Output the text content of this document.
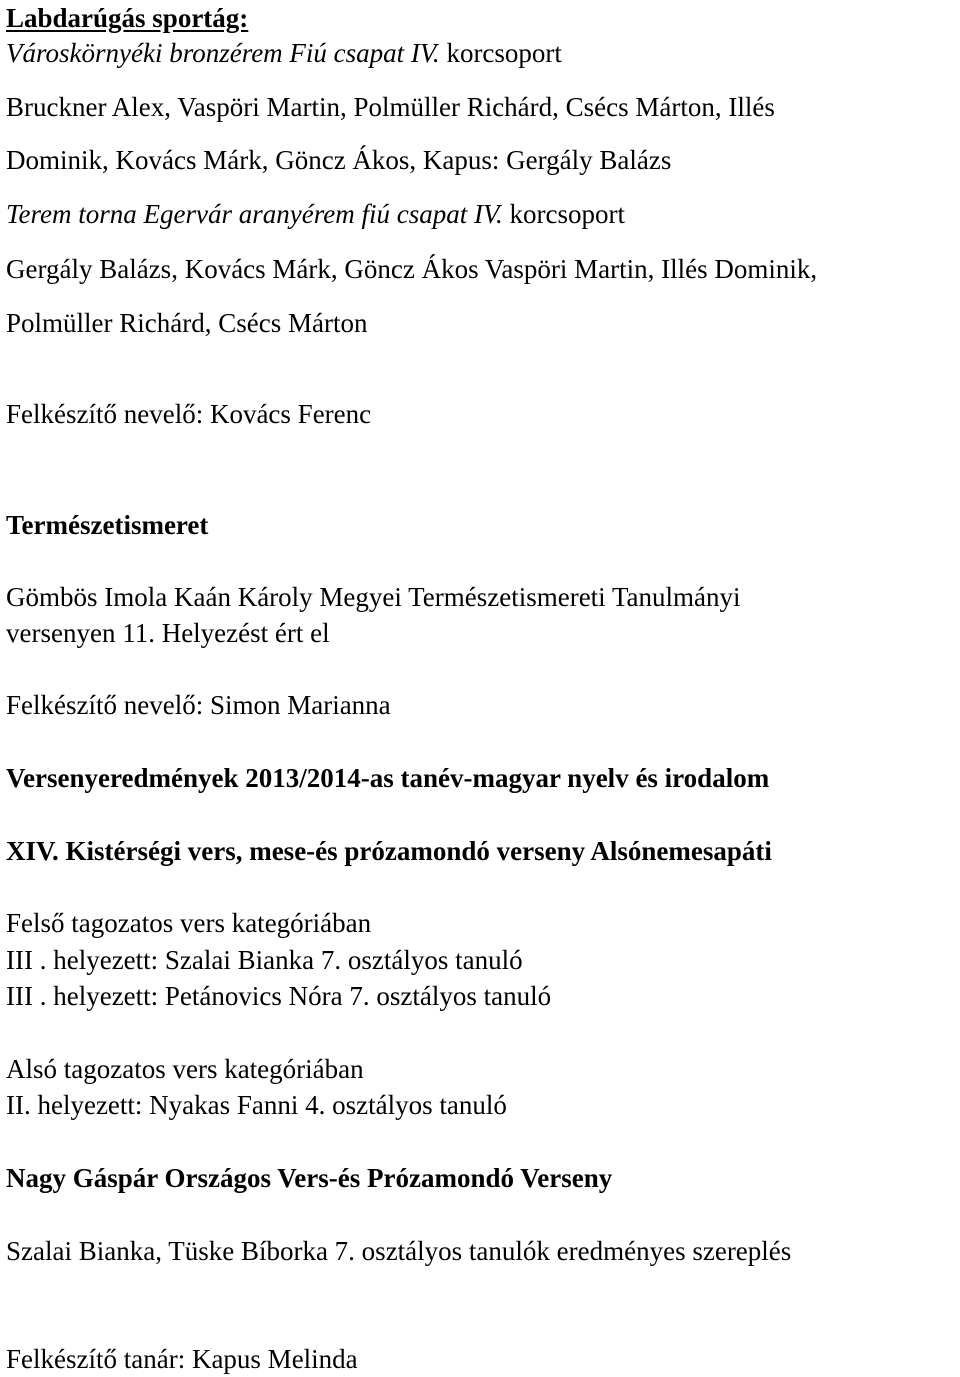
Labdarúgás sportág:

Városkörnyéki bronzérem Fiú csapat IV. korcsoport

Bruckner Alex, Vaspöri Martin, Polmüller Richárd, Csécs Márton, Illés

Dominik, Kovács Márk, Göncz Ákos, Kapus: Gergály Balázs

Terem torna Egervár aranyérem fiú csapat IV. korcsoport

Gergály Balázs, Kovács Márk, Göncz Ákos Vaspöri Martin, Illés Dominik,

Polmüller Richárd, Csécs Márton

Felkészítő nevelő: Kovács Ferenc

Természetismeret

Gömbös Imola Kaán Károly Megyei Természetismereti Tanulmányi

versenyen 11. Helyezést ért el

Felkészítő nevelő: Simon Marianna

Versenyeredmények 2013/2014-as tanév-magyar nyelv és irodalom

XIV. Kistérségi vers, mese-és prózamondó verseny Alsónemesapáti

Felső tagozatos vers kategóriában

III . helyezett: Szalai Bianka 7. osztályos tanuló

III . helyezett: Petánovics Nóra 7. osztályos tanuló

Alsó tagozatos vers kategóriában

II. helyezett: Nyakas Fanni 4. osztályos tanuló

Nagy Gáspár Országos Vers-és Prózamondó Verseny

Szalai Bianka, Tüske Bíborka 7. osztályos tanulók eredményes szereplés

Felkészítő tanár: Kapus Melinda
